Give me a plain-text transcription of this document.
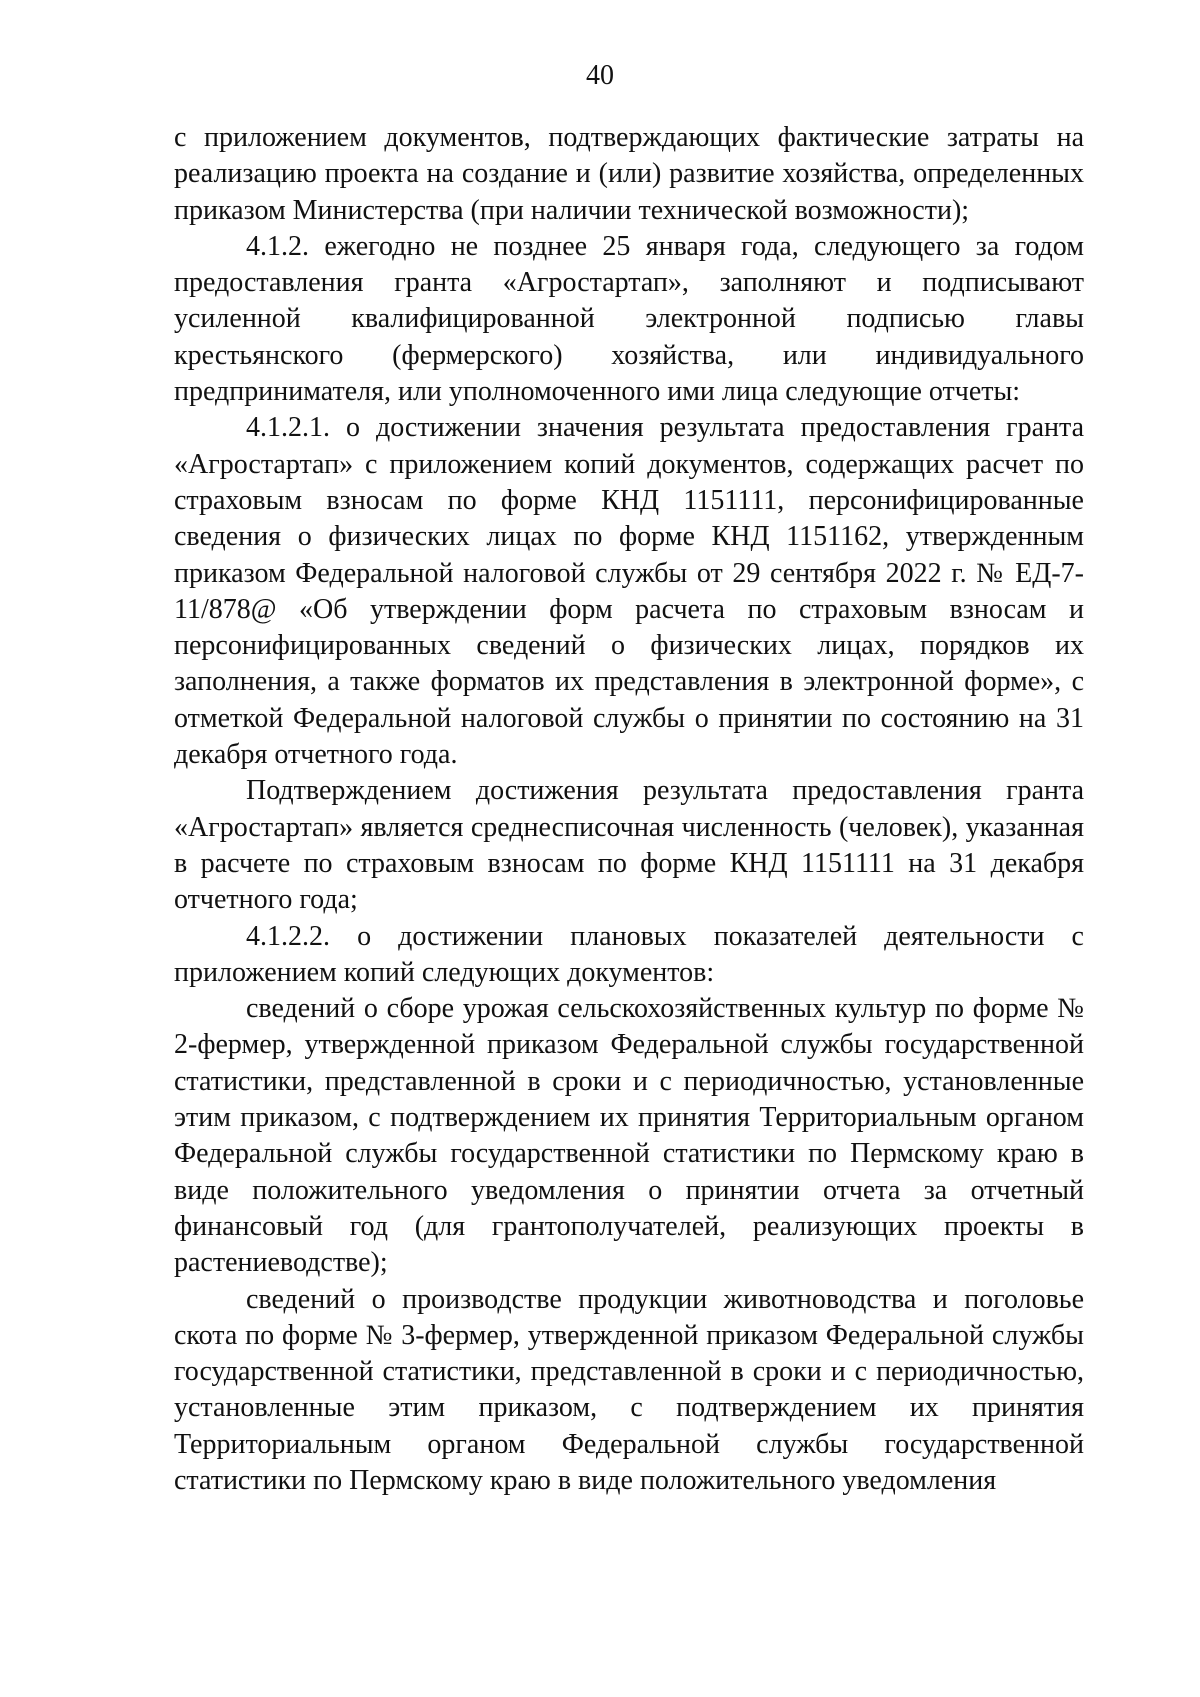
40

с приложением документов, подтверждающих фактические затраты на реализацию проекта на создание и (или) развитие хозяйства, определенных приказом Министерства (при наличии технической возможности);

4.1.2. ежегодно не позднее 25 января года, следующего за годом предоставления гранта «Агростартап», заполняют и подписывают усиленной квалифицированной электронной подписью главы крестьянского (фермерского) хозяйства, или индивидуального предпринимателя, или уполномоченного ими лица следующие отчеты:

4.1.2.1. о достижении значения результата предоставления гранта «Агростартап» с приложением копий документов, содержащих расчет по страховым взносам по форме КНД 1151111, персонифицированные сведения о физических лицах по форме КНД 1151162, утвержденным приказом Федеральной налоговой службы от 29 сентября 2022 г. № ЕД-7-11/878@ «Об утверждении форм расчета по страховым взносам и персонифицированных сведений о физических лицах, порядков их заполнения, а также форматов их представления в электронной форме», с отметкой Федеральной налоговой службы о принятии по состоянию на 31 декабря отчетного года.

Подтверждением достижения результата предоставления гранта «Агростартап» является среднесписочная численность (человек), указанная в расчете по страховым взносам по форме КНД 1151111 на 31 декабря отчетного года;

4.1.2.2. о достижении плановых показателей деятельности с приложением копий следующих документов:

сведений о сборе урожая сельскохозяйственных культур по форме № 2-фермер, утвержденной приказом Федеральной службы государственной статистики, представленной в сроки и с периодичностью, установленные этим приказом, с подтверждением их принятия Территориальным органом Федеральной службы государственной статистики по Пермскому краю в виде положительного уведомления о принятии отчета за отчетный финансовый год (для грантополучателей, реализующих проекты в растениеводстве);

сведений о производстве продукции животноводства и поголовье скота по форме № 3-фермер, утвержденной приказом Федеральной службы государственной статистики, представленной в сроки и с периодичностью, установленные этим приказом, с подтверждением их принятия Территориальным органом Федеральной службы государственной статистики по Пермскому краю в виде положительного уведомления
